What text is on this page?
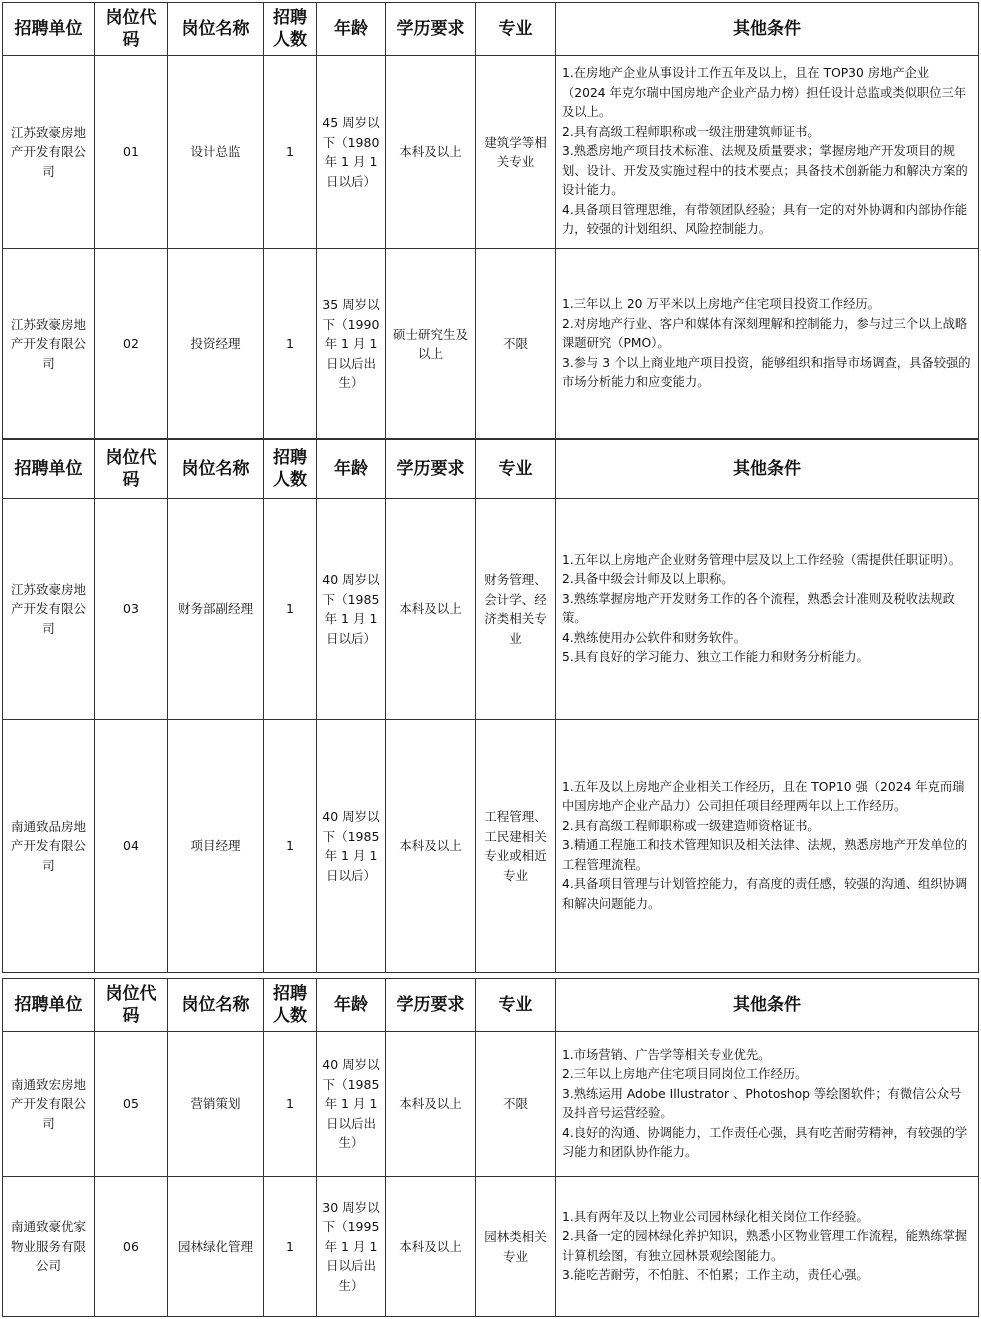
招聘单位	岗位代码	岗位名称	招聘人数	年龄	学历要求	专业	其他条件
江苏致豪房地产开发有限公司	01	设计总监	1	45 周岁以下（1980 年 1 月 1 日以后）	本科及以上	建筑学等相关专业	1.在房地产企业从事设计工作五年及以上，且在 TOP30 房地产企业（2024 年克尔瑞中国房地产企业产品力榜）担任设计总监或类似职位三年及以上。
2.具有高级工程师职称或一级注册建筑师证书。
3.熟悉房地产项目技术标准、法规及质量要求；掌握房地产开发项目的规划、设计、开发及实施过程中的技术要点；具备技术创新能力和解决方案的设计能力。
4.具备项目管理思维，有带领团队经验；具有一定的对外协调和内部协作能力，较强的计划组织、风险控制能力。

江苏致豪房地产开发有限公司	02	投资经理	1	35 周岁以下（1990 年 1 月 1 日以后出生）	硕士研究生及以上	不限	1.三年以上 20 万平米以上房地产住宅项目投资工作经历。
2.对房地产行业、客户和媒体有深刻理解和控制能力，参与过三个以上战略课题研究（PMO）。
3.参与 3 个以上商业地产项目投资，能够组织和指导市场调查，具备较强的市场分析能力和应变能力。
招聘单位	岗位代码	岗位名称	招聘人数	年龄	学历要求	专业	其他条件
江苏致豪房地产开发有限公司	03	财务部副经理	1	40 周岁以下（1985 年 1 月 1 日以后）	本科及以上	财务管理、会计学、经济类相关专业	1.五年以上房地产企业财务管理中层及以上工作经验（需提供任职证明）。
2.具备中级会计师及以上职称。
3.熟练掌握房地产开发财务工作的各个流程，熟悉会计准则及税收法规政策。
4.熟练使用办公软件和财务软件。
5.具有良好的学习能力、独立工作能力和财务分析能力。

南通致品房地产开发有限公司	04	项目经理	1	40 周岁以下（1985 年 1 月 1 日以后）	本科及以上	工程管理、工民建相关专业或相近专业	1.五年及以上房地产企业相关工作经历，且在 TOP10 强（2024 年克而瑞中国房地产企业产品力）公司担任项目经理两年以上工作经历。
2.具有高级工程师职称或一级建造师资格证书。
3.精通工程施工和技术管理知识及相关法律、法规，熟悉房地产开发单位的工程管理流程。
4.具备项目管理与计划管控能力，有高度的责任感，较强的沟通、组织协调和解决问题能力。
招聘单位	岗位代码	岗位名称	招聘人数	年龄	学历要求	专业	其他条件
南通致宏房地产开发有限公司	05	营销策划	1	40 周岁以下（1985 年 1 月 1 日以后出生）	本科及以上	不限	1.市场营销、广告学等相关专业优先。
2.三年以上房地产住宅项目同岗位工作经历。
3.熟练运用 Adobe Illustrator 、Photoshop 等绘图软件；有微信公众号及抖音号运营经验。
4.良好的沟通、协调能力，工作责任心强，具有吃苦耐劳精神，有较强的学习能力和团队协作能力。

南通致豪优家物业服务有限公司	06	园林绿化管理	1	30 周岁以下（1995 年 1 月 1 日以后出生）	本科及以上	园林类相关专业	1.具有两年及以上物业公司园林绿化相关岗位工作经验。
2.具备一定的园林绿化养护知识，熟悉小区物业管理工作流程，能熟练掌握计算机绘图，有独立园林景观绘图能力。
3.能吃苦耐劳，不怕脏、不怕累；工作主动，责任心强。
